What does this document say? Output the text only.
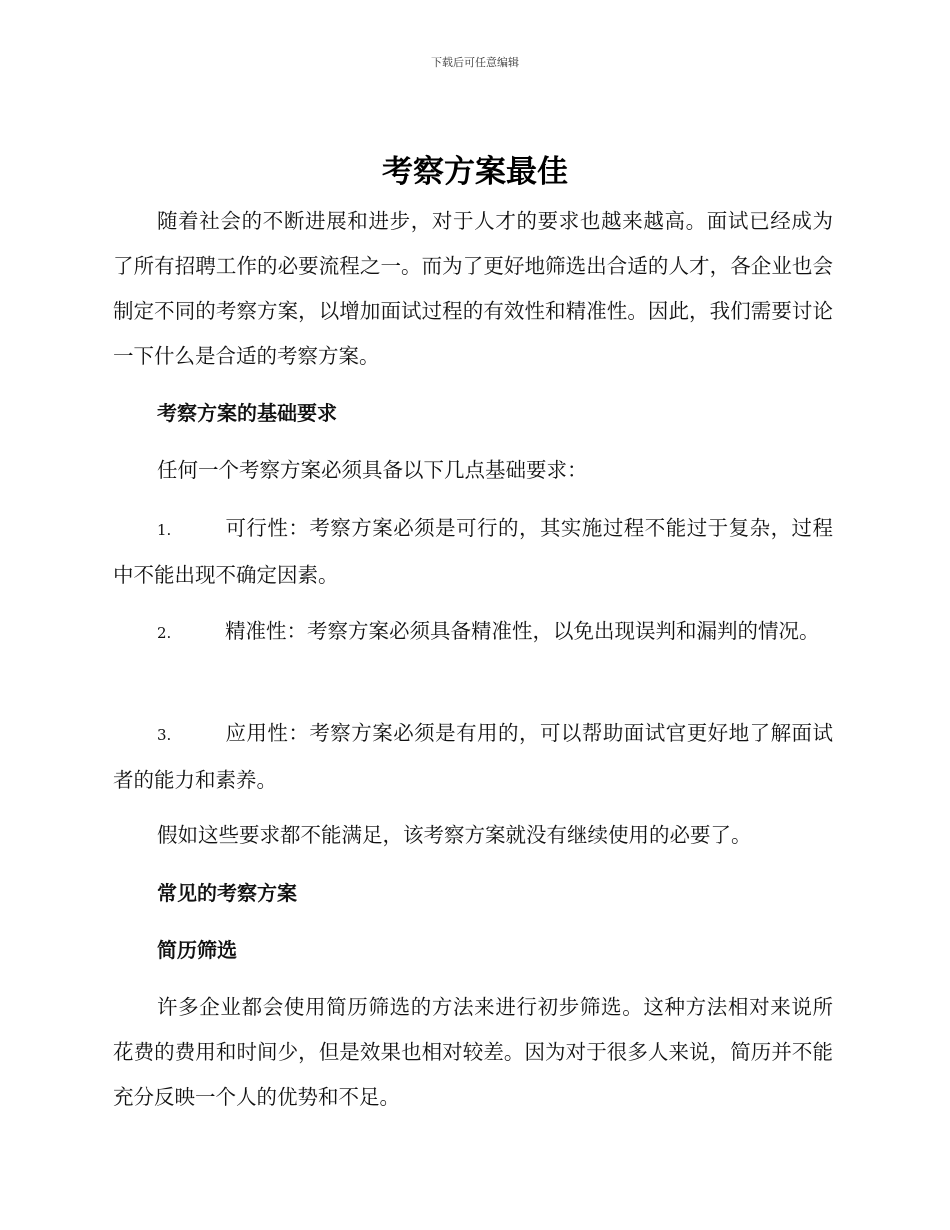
下载后可任意编辑
考察方案最佳
随着社会的不断进展和进步，对于人才的要求也越来越高。面试已经成为了所有招聘工作的必要流程之一。而为了更好地筛选出合适的人才，各企业也会制定不同的考察方案，以增加面试过程的有效性和精准性。因此，我们需要讨论一下什么是合适的考察方案。
考察方案的基础要求
任何一个考察方案必须具备以下几点基础要求：
1.	可行性：考察方案必须是可行的，其实施过程不能过于复杂，过程中不能出现不确定因素。
2.	精准性：考察方案必须具备精准性，以免出现误判和漏判的情况。
3.	应用性：考察方案必须是有用的，可以帮助面试官更好地了解面试者的能力和素养。
假如这些要求都不能满足，该考察方案就没有继续使用的必要了。
常见的考察方案
简历筛选
许多企业都会使用简历筛选的方法来进行初步筛选。这种方法相对来说所花费的费用和时间少，但是效果也相对较差。因为对于很多人来说，简历并不能充分反映一个人的优势和不足。
